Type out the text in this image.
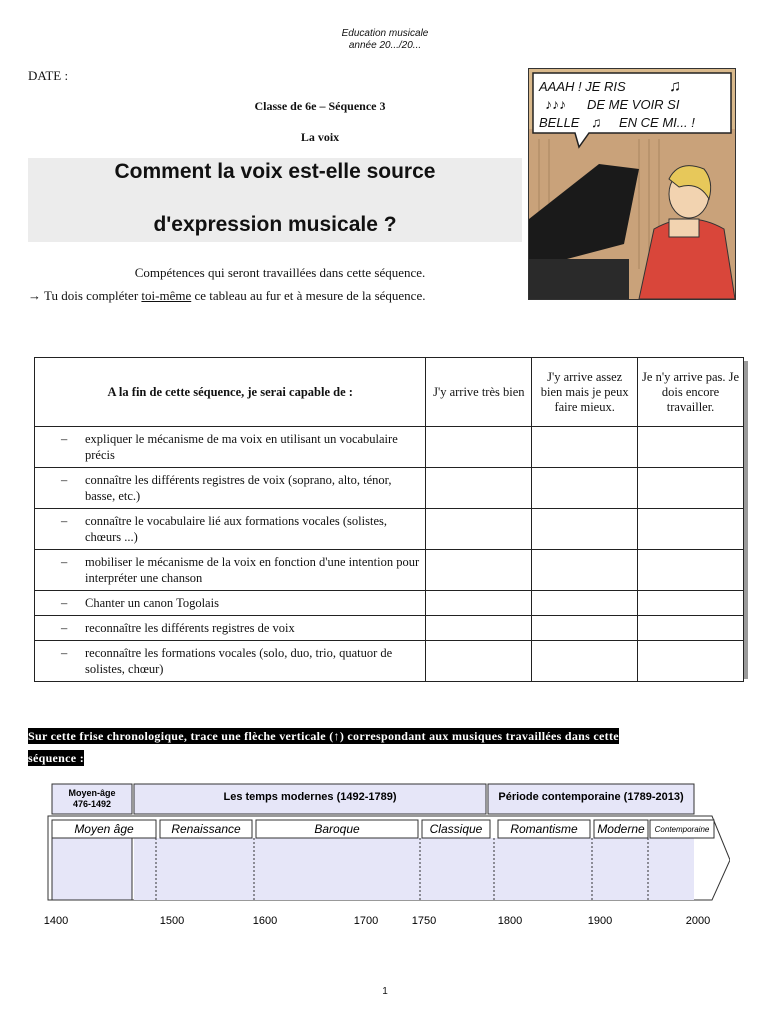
Education musicale
année 20.../20...
DATE :
Classe de 6e – Séquence 3
La voix
Comment la voix est-elle source
d'expression musicale ?
Compétences qui seront travaillées dans cette séquence.
→ Tu dois compléter toi-même ce tableau au fur et à mesure de la séquence.
AAAH ! JE RIS
DE ME VOIR SI
BELLE	EN CE MI... !
♫
♪♪♪
♫
A la fin de cette séquence, je serai capable de :	J'y arrive très bien	J'y arrive assez bien mais je peux faire mieux.	Je n'y arrive pas. Je dois encore travailler.

– expliquer le mécanisme de ma voix en utilisant un vocabulaire précis			

– connaître les différents registres de voix (soprano, alto, ténor, basse, etc.)			

– connaître le vocabulaire lié aux formations vocales (solistes, chœurs ...)			

– mobiliser le mécanisme de la voix en fonction d'une intention pour interpréter une chanson			

– Chanter un canon Togolais			

– reconnaître les différents registres de voix			

– reconnaître les formations vocales (solo, duo, trio, quatuor de solistes, chœur)			

Sur cette frise chronologique, trace une flèche verticale (↑) correspondant aux musiques travaillées dans cette
séquence :
Moyen-âge
476-1492
Les temps modernes (1492-1789)	Période contemporaine (1789-2013)
Moyen âge	Renaissance	Baroque	Classique Romantisme Moderne Contemporaine
1400	1500	1600	1700	1750	1800	1900	2000
1
